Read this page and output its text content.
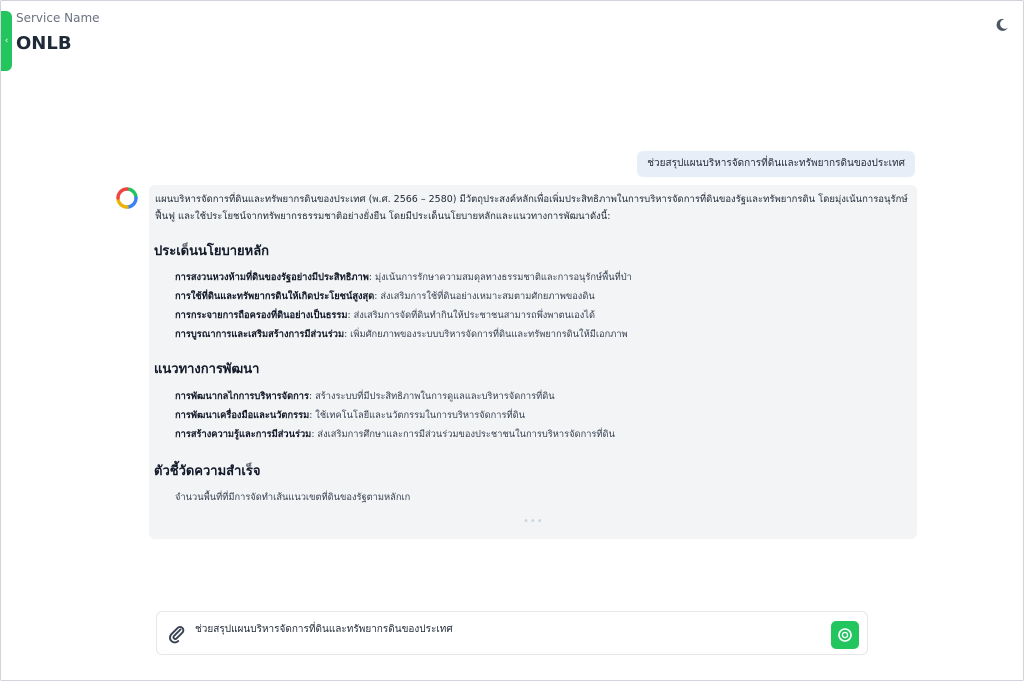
‹
Service Name
ONLB
ช่วยสรุปแผนบริหารจัดการที่ดินและทรัพยากรดินของประเทศ

แผนบริหารจัดการที่ดินและทรัพยากรดินของประเทศ (พ.ศ. 2566 – 2580) มีวัตถุประสงค์หลักเพื่อเพิ่มประสิทธิภาพในการบริหารจัดการที่ดินของรัฐและทรัพยากรดิน โดยมุ่งเน้นการอนุรักษ์ ฟื้นฟู และใช้ประโยชน์จากทรัพยากรธรรมชาติอย่างยั่งยืน โดยมีประเด็นนโยบายหลักและแนวทางการพัฒนาดังนี้:

ประเด็นนโยบายหลัก
การสงวนหวงห้ามที่ดินของรัฐอย่างมีประสิทธิภาพ: มุ่งเน้นการรักษาความสมดุลทางธรรมชาติและการอนุรักษ์พื้นที่ป่า
การใช้ที่ดินและทรัพยากรดินให้เกิดประโยชน์สูงสุด: ส่งเสริมการใช้ที่ดินอย่างเหมาะสมตามศักยภาพของดิน
การกระจายการถือครองที่ดินอย่างเป็นธรรม: ส่งเสริมการจัดที่ดินทำกินให้ประชาชนสามารถพึ่งพาตนเองได้
การบูรณาการและเสริมสร้างการมีส่วนร่วม: เพิ่มศักยภาพของระบบบริหารจัดการที่ดินและทรัพยากรดินให้มีเอกภาพ
แนวทางการพัฒนา
การพัฒนากลไกการบริหารจัดการ: สร้างระบบที่มีประสิทธิภาพในการดูแลและบริหารจัดการที่ดิน
การพัฒนาเครื่องมือและนวัตกรรม: ใช้เทคโนโลยีและนวัตกรรมในการบริหารจัดการที่ดิน
การสร้างความรู้และการมีส่วนร่วม: ส่งเสริมการศึกษาและการมีส่วนร่วมของประชาชนในการบริหารจัดการที่ดิน
ตัวชี้วัดความสำเร็จ
จำนวนพื้นที่ที่มีการจัดทำเส้นแนวเขตที่ดินของรัฐตามหลักเก
•••
ช่วยสรุปแผนบริหารจัดการที่ดินและทรัพยากรดินของประเทศ
